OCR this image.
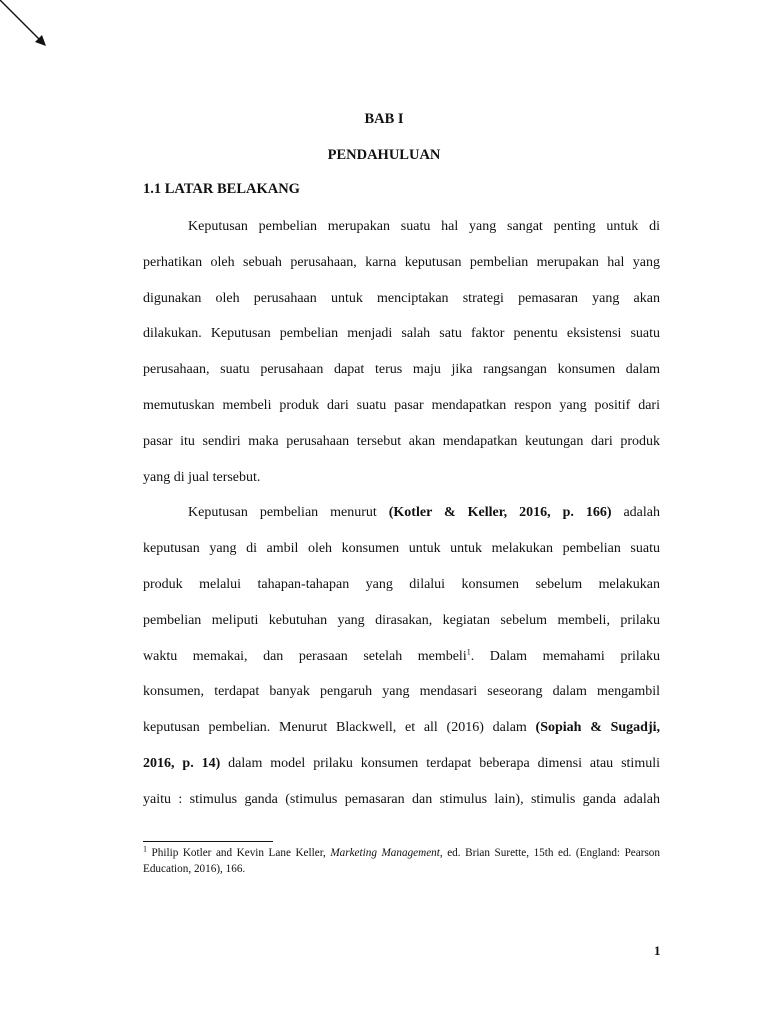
BAB I
PENDAHULUAN
1.1 LATAR BELAKANG
Keputusan pembelian merupakan suatu hal yang sangat penting untuk di
perhatikan oleh sebuah perusahaan, karna keputusan pembelian merupakan hal yang
digunakan oleh perusahaan untuk menciptakan strategi pemasaran yang akan
dilakukan. Keputusan pembelian menjadi salah satu faktor penentu eksistensi suatu
perusahaan, suatu perusahaan dapat terus maju jika rangsangan konsumen dalam
memutuskan membeli produk dari suatu pasar mendapatkan respon yang positif dari
pasar itu sendiri maka perusahaan tersebut akan mendapatkan keutungan dari produk
yang di jual tersebut.
Keputusan pembelian menurut (Kotler & Keller, 2016, p. 166) adalah
keputusan yang di ambil oleh konsumen untuk untuk melakukan pembelian suatu
produk melalui tahapan-tahapan yang dilalui konsumen sebelum melakukan
pembelian meliputi kebutuhan yang dirasakan, kegiatan sebelum membeli, prilaku
waktu memakai, dan perasaan setelah membeli$^1$. Dalam memahami prilaku
konsumen, terdapat banyak pengaruh yang mendasari seseorang dalam mengambil
keputusan pembelian. Menurut Blackwell, et all (2016) dalam (Sopiah & Sugadji,
2016, p. 14) dalam model prilaku konsumen terdapat beberapa dimensi atau stimuli
yaitu : stimulus ganda (stimulus pemasaran dan stimulus lain), stimulis ganda adalah
$^1$ Philip Kotler and Kevin Lane Keller, Marketing Management, ed. Brian Surette, 15th ed. (England: Pearson Education, 2016), 166.
1
